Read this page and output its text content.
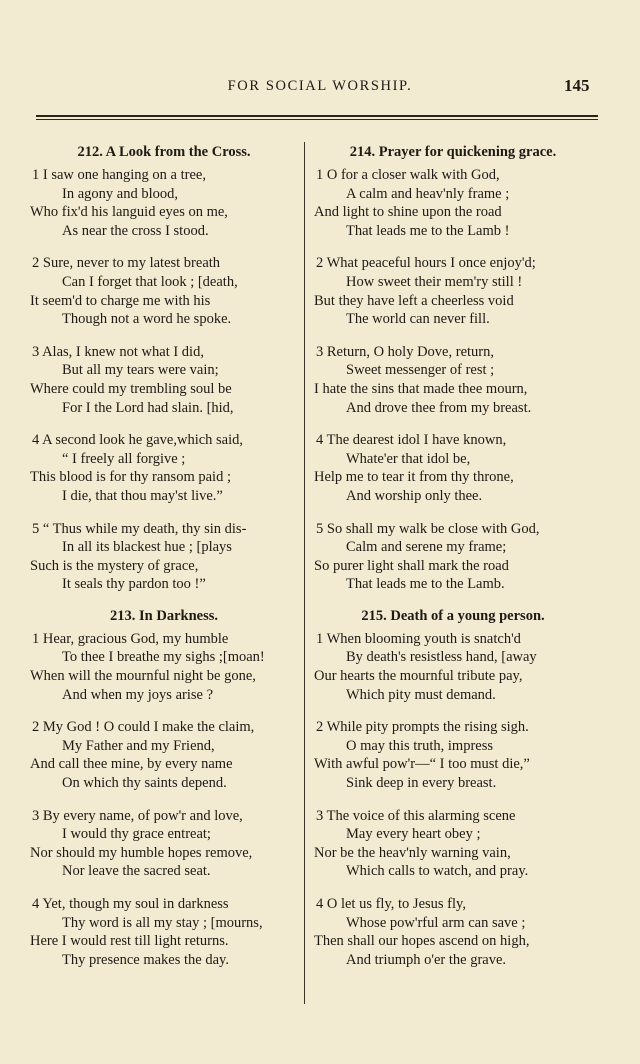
FOR SOCIAL WORSHIP.	145
212. A Look from the Cross.
1 I saw one hanging on a tree,
In agony and blood,
Who fix'd his languid eyes on me,
As near the cross I stood.
2 Sure, never to my latest breath
Can I forget that look ; [death,
It seem'd to charge me with his
Though not a word he spoke.
3 Alas, I knew not what I did,
But all my tears were vain;
Where could my trembling soul be
For I the Lord had slain. [hid,
4 A second look he gave,which said,
“ I freely all forgive ;
This blood is for thy ransom paid ;
I die, that thou may'st live.”
5 “ Thus while my death, thy sin dis-
In all its blackest hue ; [plays
Such is the mystery of grace,
It seals thy pardon too !”
213. In Darkness.
1 Hear, gracious God, my humble
To thee I breathe my sighs ;[moan!
When will the mournful night be gone,
And when my joys arise ?
2 My God ! O could I make the claim,
My Father and my Friend,
And call thee mine, by every name
On which thy saints depend.
3 By every name, of pow'r and love,
I would thy grace entreat;
Nor should my humble hopes remove,
Nor leave the sacred seat.
4 Yet, though my soul in darkness
Thy word is all my stay ; [mourns,
Here I would rest till light returns.
Thy presence makes the day.
214. Prayer for quickening grace.
1 O for a closer walk with God,
A calm and heav'nly frame ;
And light to shine upon the road
That leads me to the Lamb !
2 What peaceful hours I once enjoy'd;
How sweet their mem'ry still !
But they have left a cheerless void
The world can never fill.
3 Return, O holy Dove, return,
Sweet messenger of rest ;
I hate the sins that made thee mourn,
And drove thee from my breast.
4 The dearest idol I have known,
Whate'er that idol be,
Help me to tear it from thy throne,
And worship only thee.
5 So shall my walk be close with God,
Calm and serene my frame;
So purer light shall mark the road
That leads me to the Lamb.
215. Death of a young person.
1 When blooming youth is snatch'd
By death's resistless hand, [away
Our hearts the mournful tribute pay,
Which pity must demand.
2 While pity prompts the rising sigh.
O may this truth, impress
With awful pow'r—“ I too must die,”
Sink deep in every breast.
3 The voice of this alarming scene
May every heart obey ;
Nor be the heav'nly warning vain,
Which calls to watch, and pray.
4 O let us fly, to Jesus fly,
Whose pow'rful arm can save ;
Then shall our hopes ascend on high,
And triumph o'er the grave.
